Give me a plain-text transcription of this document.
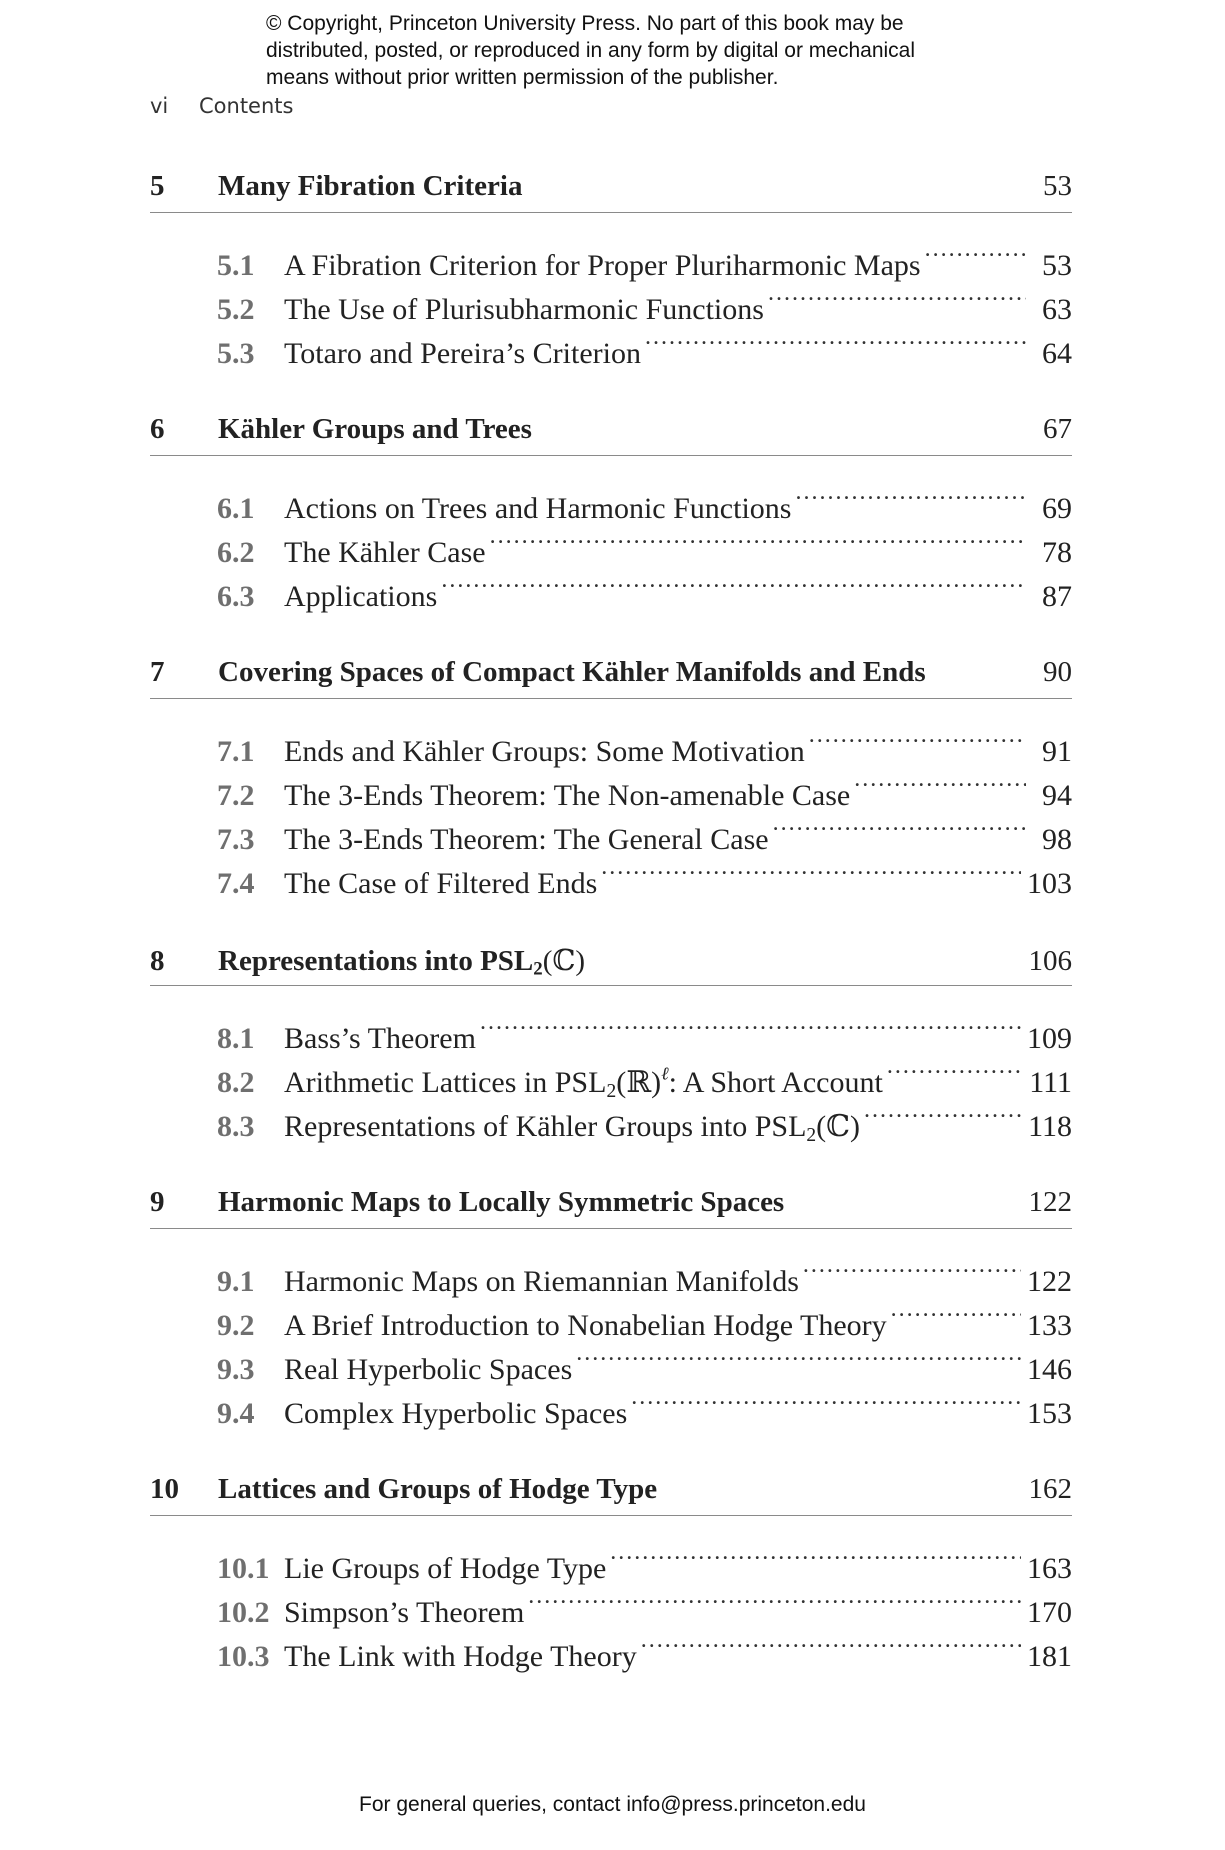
© Copyright, Princeton University Press. No part of this book may be
distributed, posted, or reproduced in any form by digital or mechanical
means without prior written permission of the publisher.
vi Contents
5	Many Fibration Criteria	53
5.1 A Fibration Criterion for Proper Pluriharmonic Maps .....	53
5.2 The Use of Plurisubharmonic Functions .....	63
5.3 Totaro and Pereira’s Criterion .....	64
6	Kähler Groups and Trees	67
6.1 Actions on Trees and Harmonic Functions .....	69
6.2 The Kähler Case .....	78
6.3 Applications .....	87
7	Covering Spaces of Compact Kähler Manifolds and Ends	90
7.1 Ends and Kähler Groups: Some Motivation .....	91
7.2 The 3-Ends Theorem: The Non-amenable Case .....	94
7.3 The 3-Ends Theorem: The General Case .....	98
7.4 The Case of Filtered Ends .....	103
8	Representations into $PSL_2(ℂ)$	106
8.1 Bass’s Theorem .....	109
8.2 Arithmetic Lattices in $PSL_2(ℝ)^\ell$: A Short Account .....	111
8.3 Representations of Kähler Groups into $PSL_2(ℂ)$ .....	118
9	Harmonic Maps to Locally Symmetric Spaces	122
9.1 Harmonic Maps on Riemannian Manifolds .....	122
9.2 A Brief Introduction to Nonabelian Hodge Theory .....	133
9.3 Real Hyperbolic Spaces .....	146
9.4 Complex Hyperbolic Spaces .....	153
10	Lattices and Groups of Hodge Type	162
10.1 Lie Groups of Hodge Type .....	163
10.2 Simpson’s Theorem .....	170
10.3 The Link with Hodge Theory .....	181
For general queries, contact info@press.princeton.edu
